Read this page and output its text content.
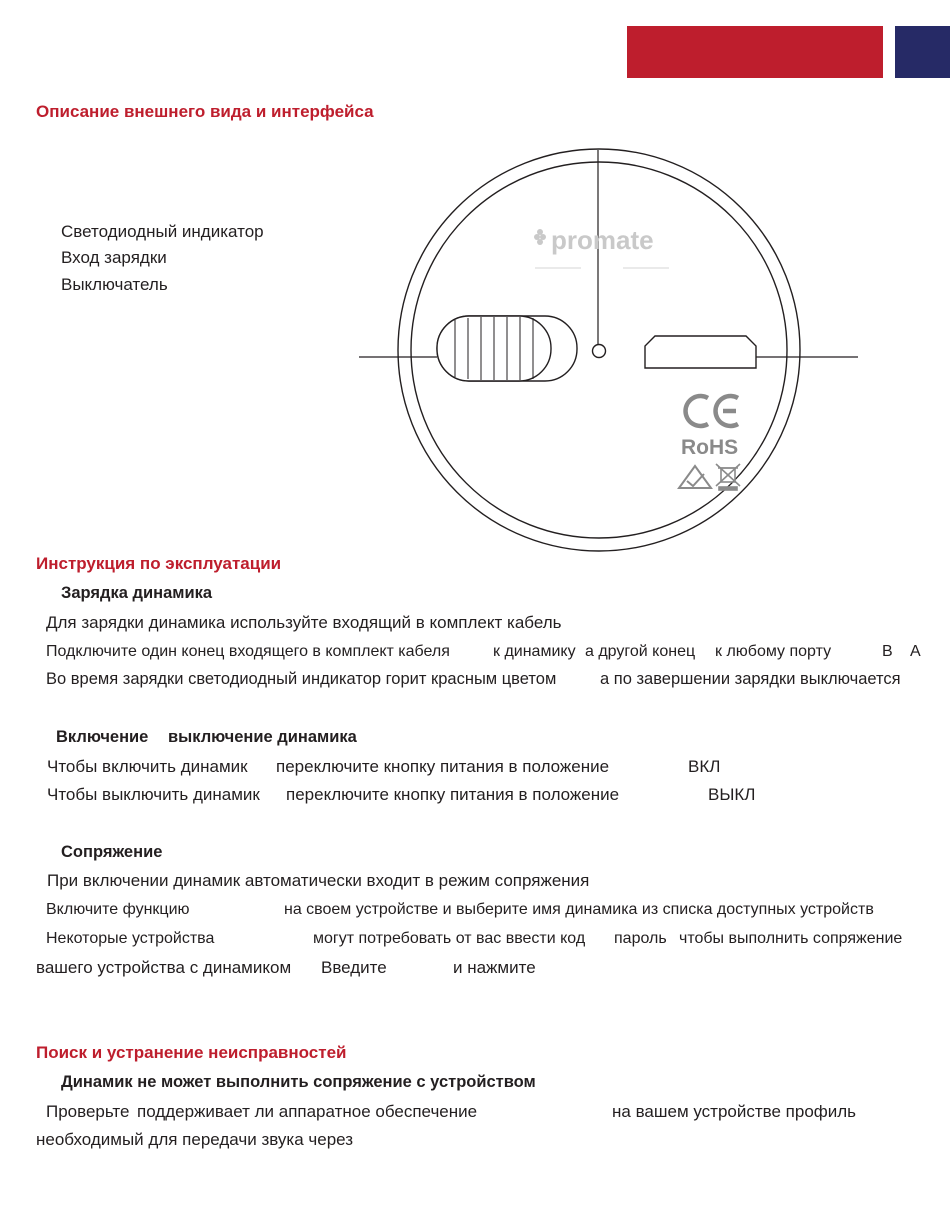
Описание внешнего вида и интерфейса
Светодиодный индикатор
Вход зарядки
Выключатель
promate
RoHS
Инструкция по эксплуатации
Зарядка динамика
Для зарядки динамика используйте входящий в комплект кабель
Подключите один конец входящего в комплект кабеля	к динамику а другой конец к любому порту	В А
Во время зарядки светодиодный индикатор горит красным цветом	а по завершении зарядки выключается
Включение выключение динамика
Чтобы включить динамик переключите кнопку питания в положение	ВКЛ
Чтобы выключить динамик переключите кнопку питания в положение	ВЫКЛ
Сопряжение
При включении динамик автоматически входит в режим сопряжения
Включите функцию	на своем устройстве и выберите имя динамика из списка доступных устройств
Некоторые устройства	могут потребовать от вас ввести код пароль чтобы выполнить сопряжение
вашего устройства с динамиком Введите	и нажмите
Поиск и устранение неисправностей
Динамик не может выполнить сопряжение с устройством
Проверьте поддерживает ли аппаратное обеспечение	на вашем устройстве профиль
необходимый для передачи звука через
